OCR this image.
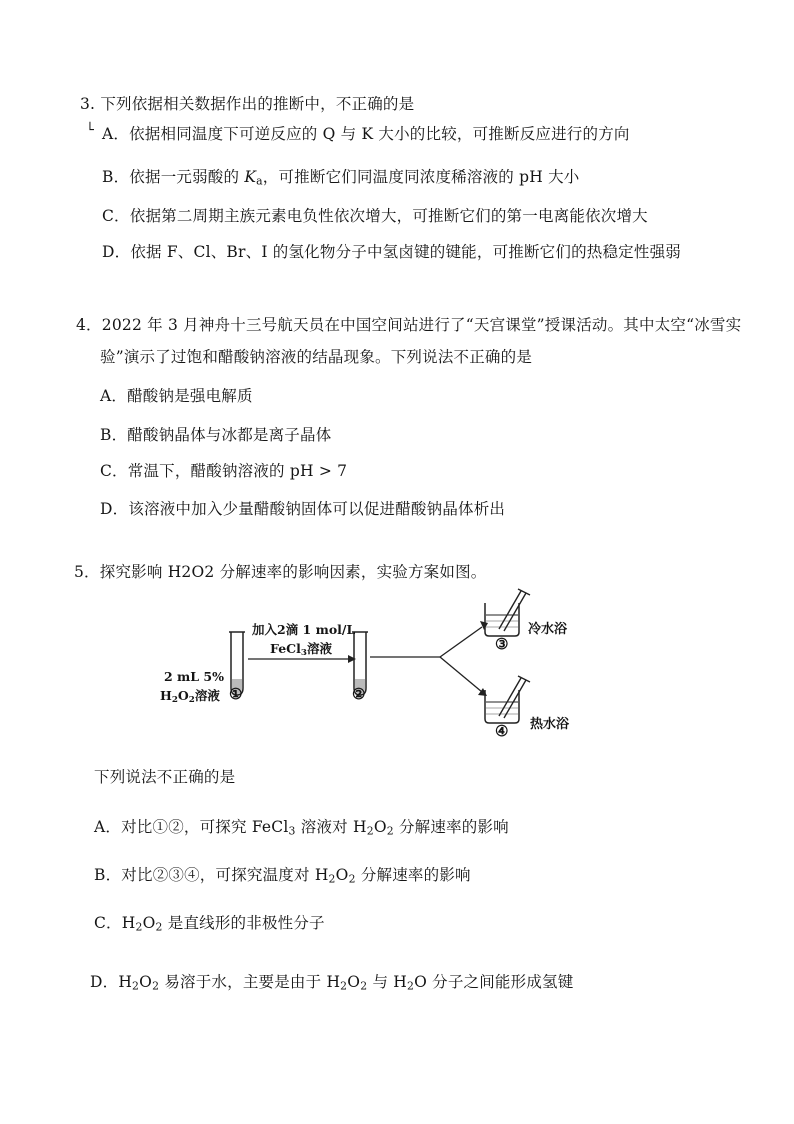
3. 下列依据相关数据作出的推断中，不正确的是
└ A．依据相同温度下可逆反应的 Q 与 K 大小的比较，可推断反应进行的方向
B．依据一元弱酸的 $K_a$，可推断它们同温度同浓度稀溶液的 pH 大小
C．依据第二周期主族元素电负性依次增大，可推断它们的第一电离能依次增大
D．依据 F、Cl、Br、I 的氢化物分子中氢卤键的键能，可推断它们的热稳定性强弱
4．2022 年 3 月神舟十三号航天员在中国空间站进行了“天宫课堂”授课活动。其中太空“冰雪实
验”演示了过饱和醋酸钠溶液的结晶现象。下列说法不正确的是
A．醋酸钠是强电解质
B．醋酸钠晶体与冰都是离子晶体
C．常温下，醋酸钠溶液的 pH > 7
D．该溶液中加入少量醋酸钠固体可以促进醋酸钠晶体析出
5．探究影响 H2O2 分解速率的影响因素，实验方案如图。
加入2滴 1 mol/L
FeCl$_3$溶液
2 mL 5%
$H_2O_2$溶液 ①	②
③
④
冷水浴
热水浴
下列说法不正确的是
A．对比①②，可探究 FeCl$_3$ 溶液对 $H_2O_2$ 分解速率的影响
B．对比②③④，可探究温度对 $H_2O_2$ 分解速率的影响
C．$H_2O_2$ 是直线形的非极性分子
D．$H_2O_2$ 易溶于水，主要是由于 $H_2O_2$ 与 $H_2O$ 分子之间能形成氢键
